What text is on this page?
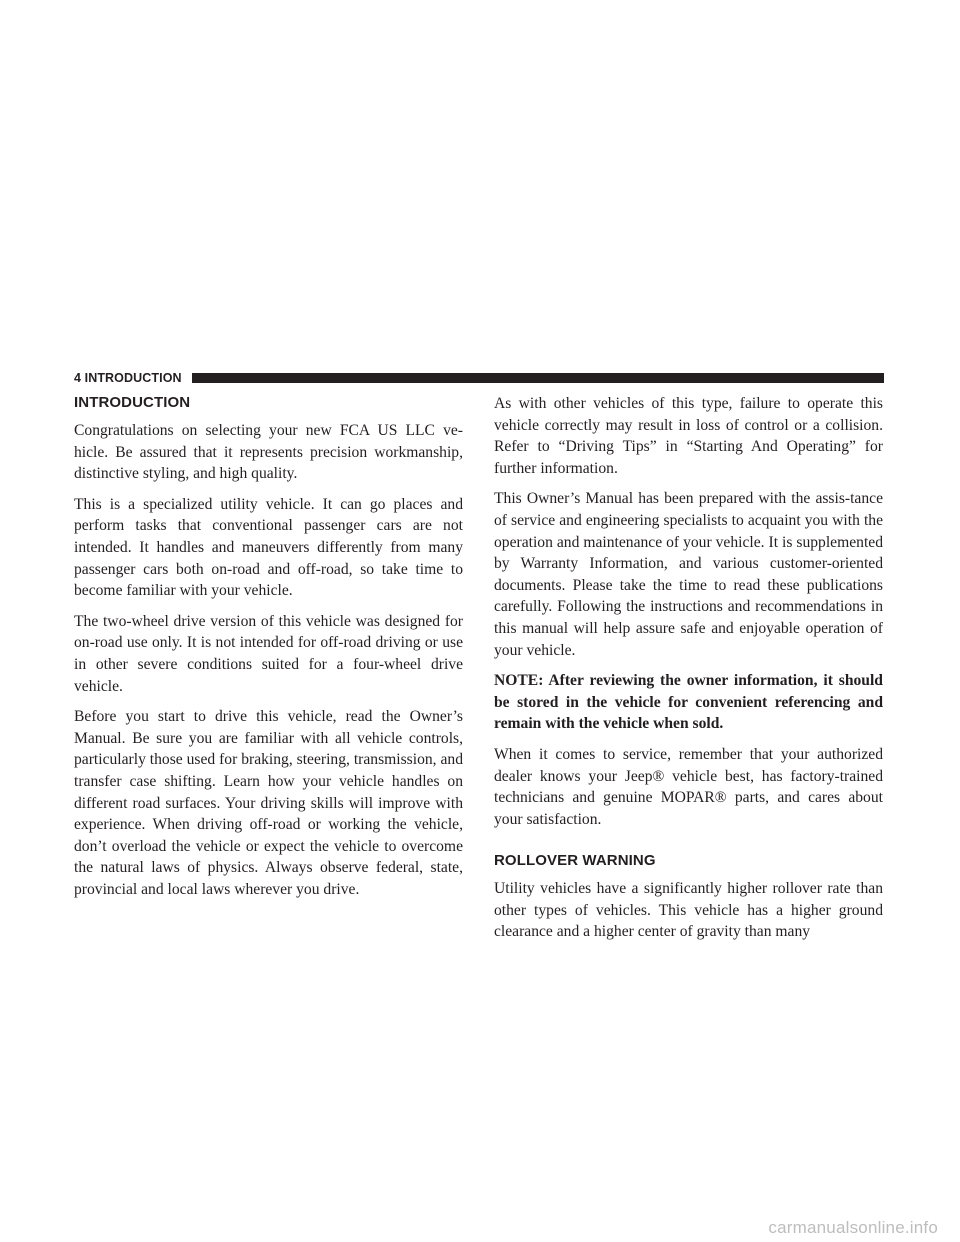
4 INTRODUCTION
INTRODUCTION

Congratulations on selecting your new FCA US LLC ve-hicle. Be assured that it represents precision workmanship, distinctive styling, and high quality.

This is a specialized utility vehicle. It can go places and perform tasks that conventional passenger cars are not intended. It handles and maneuvers differently from many passenger cars both on-road and off-road, so take time to become familiar with your vehicle.

The two-wheel drive version of this vehicle was designed for on-road use only. It is not intended for off-road driving or use in other severe conditions suited for a four-wheel drive vehicle.

Before you start to drive this vehicle, read the Owner’s Manual. Be sure you are familiar with all vehicle controls, particularly those used for braking, steering, transmission, and transfer case shifting. Learn how your vehicle handles on different road surfaces. Your driving skills will improve with experience. When driving off-road or working the vehicle, don’t overload the vehicle or expect the vehicle to overcome the natural laws of physics. Always observe federal, state, provincial and local laws wherever you drive.

As with other vehicles of this type, failure to operate this vehicle correctly may result in loss of control or a collision. Refer to “Driving Tips” in “Starting And Operating” for further information.

This Owner’s Manual has been prepared with the assis-tance of service and engineering specialists to acquaint you with the operation and maintenance of your vehicle. It is supplemented by Warranty Information, and various customer-oriented documents. Please take the time to read these publications carefully. Following the instructions and recommendations in this manual will help assure safe and enjoyable operation of your vehicle.

NOTE: After reviewing the owner information, it should be stored in the vehicle for convenient referencing and remain with the vehicle when sold.

When it comes to service, remember that your authorized dealer knows your Jeep® vehicle best, has factory-trained technicians and genuine MOPAR® parts, and cares about your satisfaction.

ROLLOVER WARNING

Utility vehicles have a significantly higher rollover rate than other types of vehicles. This vehicle has a higher ground clearance and a higher center of gravity than many

carmanualsonline.info
